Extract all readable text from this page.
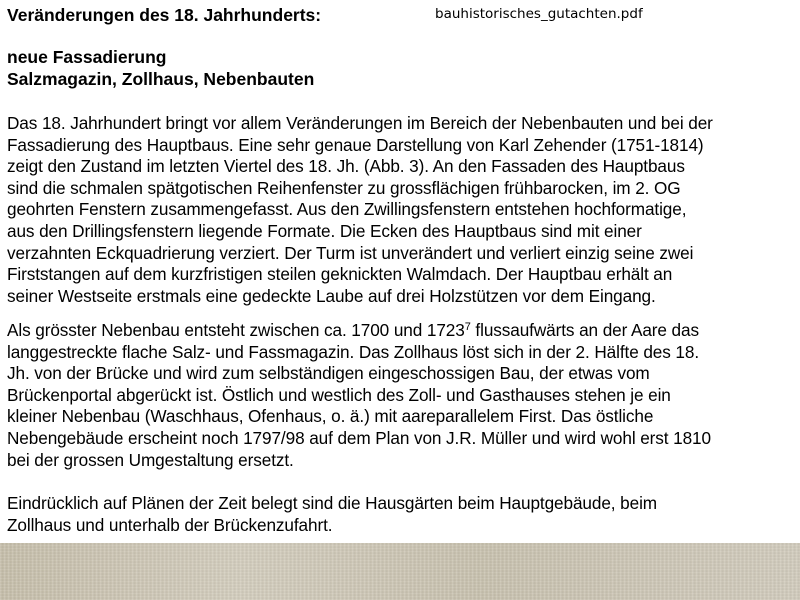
Veränderungen des 18. Jahrhunderts:	bauhistorisches_gutachten.pdf
neue Fassadierung
Salzmagazin, Zollhaus, Nebenbauten
Das 18. Jahrhundert bringt vor allem Veränderungen im Bereich der Nebenbauten und bei der
Fassadierung des Hauptbaus. Eine sehr genaue Darstellung von Karl Zehender (1751-1814)
zeigt den Zustand im letzten Viertel des 18. Jh. (Abb. 3). An den Fassaden des Hauptbaus
sind die schmalen spätgotischen Reihenfenster zu grossflächigen frühbarocken, im 2. OG
geohrten Fenstern zusammengefasst. Aus den Zwillingsfenstern entstehen hochformatige,
aus den Drillingsfenstern liegende Formate. Die Ecken des Hauptbaus sind mit einer
verzahnten Eckquadrierung verziert. Der Turm ist unverändert und verliert einzig seine zwei
Firststangen auf dem kurzfristigen steilen geknickten Walmdach. Der Hauptbau erhält an
seiner Westseite erstmals eine gedeckte Laube auf drei Holzstützen vor dem Eingang.
Als grösster Nebenbau entsteht zwischen ca. 1700 und 1723$^7$ flussaufwärts an der Aare das
langgestreckte flache Salz- und Fassmagazin. Das Zollhaus löst sich in der 2. Hälfte des 18.
Jh. von der Brücke und wird zum selbständigen eingeschossigen Bau, der etwas vom
Brückenportal abgerückt ist. Östlich und westlich des Zoll- und Gasthauses stehen je ein
kleiner Nebenbau (Waschhaus, Ofenhaus, o. ä.) mit aareparallelem First. Das östliche
Nebengebäude erscheint noch 1797/98 auf dem Plan von J.R. Müller und wird wohl erst 1810
bei der grossen Umgestaltung ersetzt.
Eindrücklich auf Plänen der Zeit belegt sind die Hausgärten beim Hauptgebäude, beim
Zollhaus und unterhalb der Brückenzufahrt.
